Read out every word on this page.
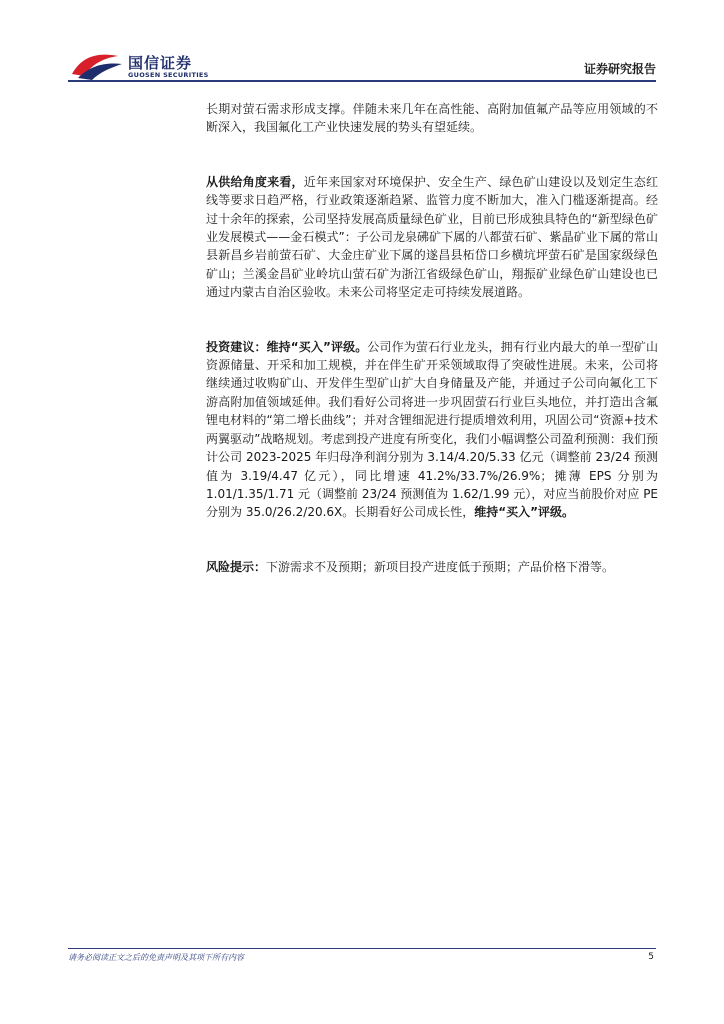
国信证券
GUOSEN SECURITIES	证券研究报告

长期对萤石需求形成支撑。伴随未来几年在高性能、高附加值氟产品等应用领域的不断深入，我国氟化工产业快速发展的势头有望延续。

从供给角度来看，近年来国家对环境保护、安全生产、绿色矿山建设以及划定生态红线等要求日趋严格，行业政策逐渐趋紧、监管力度不断加大，准入门槛逐渐提高。经过十余年的探索，公司坚持发展高质量绿色矿业，目前已形成独具特色的“新型绿色矿业发展模式——金石模式”：子公司龙泉砩矿下属的八都萤石矿、紫晶矿业下属的常山县新昌乡岩前萤石矿、大金庄矿业下属的遂昌县柘岱口乡横坑坪萤石矿是国家级绿色矿山；兰溪金昌矿业岭坑山萤石矿为浙江省级绿色矿山，翔振矿业绿色矿山建设也已通过内蒙古自治区验收。未来公司将坚定走可持续发展道路。

投资建议：维持“买入”评级。公司作为萤石行业龙头，拥有行业内最大的单一型矿山资源储量、开采和加工规模，并在伴生矿开采领域取得了突破性进展。未来，公司将继续通过收购矿山、开发伴生型矿山扩大自身储量及产能，并通过子公司向氟化工下游高附加值领域延伸。我们看好公司将进一步巩固萤石行业巨头地位，并打造出含氟锂电材料的“第二增长曲线”；并对含锂细泥进行提质增效利用，巩固公司“资源+技术两翼驱动”战略规划。考虑到投产进度有所变化，我们小幅调整公司盈利预测：我们预计公司 2023-2025 年归母净利润分别为 3.14/4.20/5.33 亿元（调整前 23/24 预测值为 3.19/4.47 亿元），同比增速 41.2%/33.7%/26.9%；摊薄 EPS 分别为 1.01/1.35/1.71 元（调整前 23/24 预测值为 1.62/1.99 元），对应当前股价对应 PE 分别为 35.0/26.2/20.6X。长期看好公司成长性，维持“买入”评级。

风险提示：下游需求不及预期；新项目投产进度低于预期；产品价格下滑等。

请务必阅读正文之后的免责声明及其项下所有内容	5
